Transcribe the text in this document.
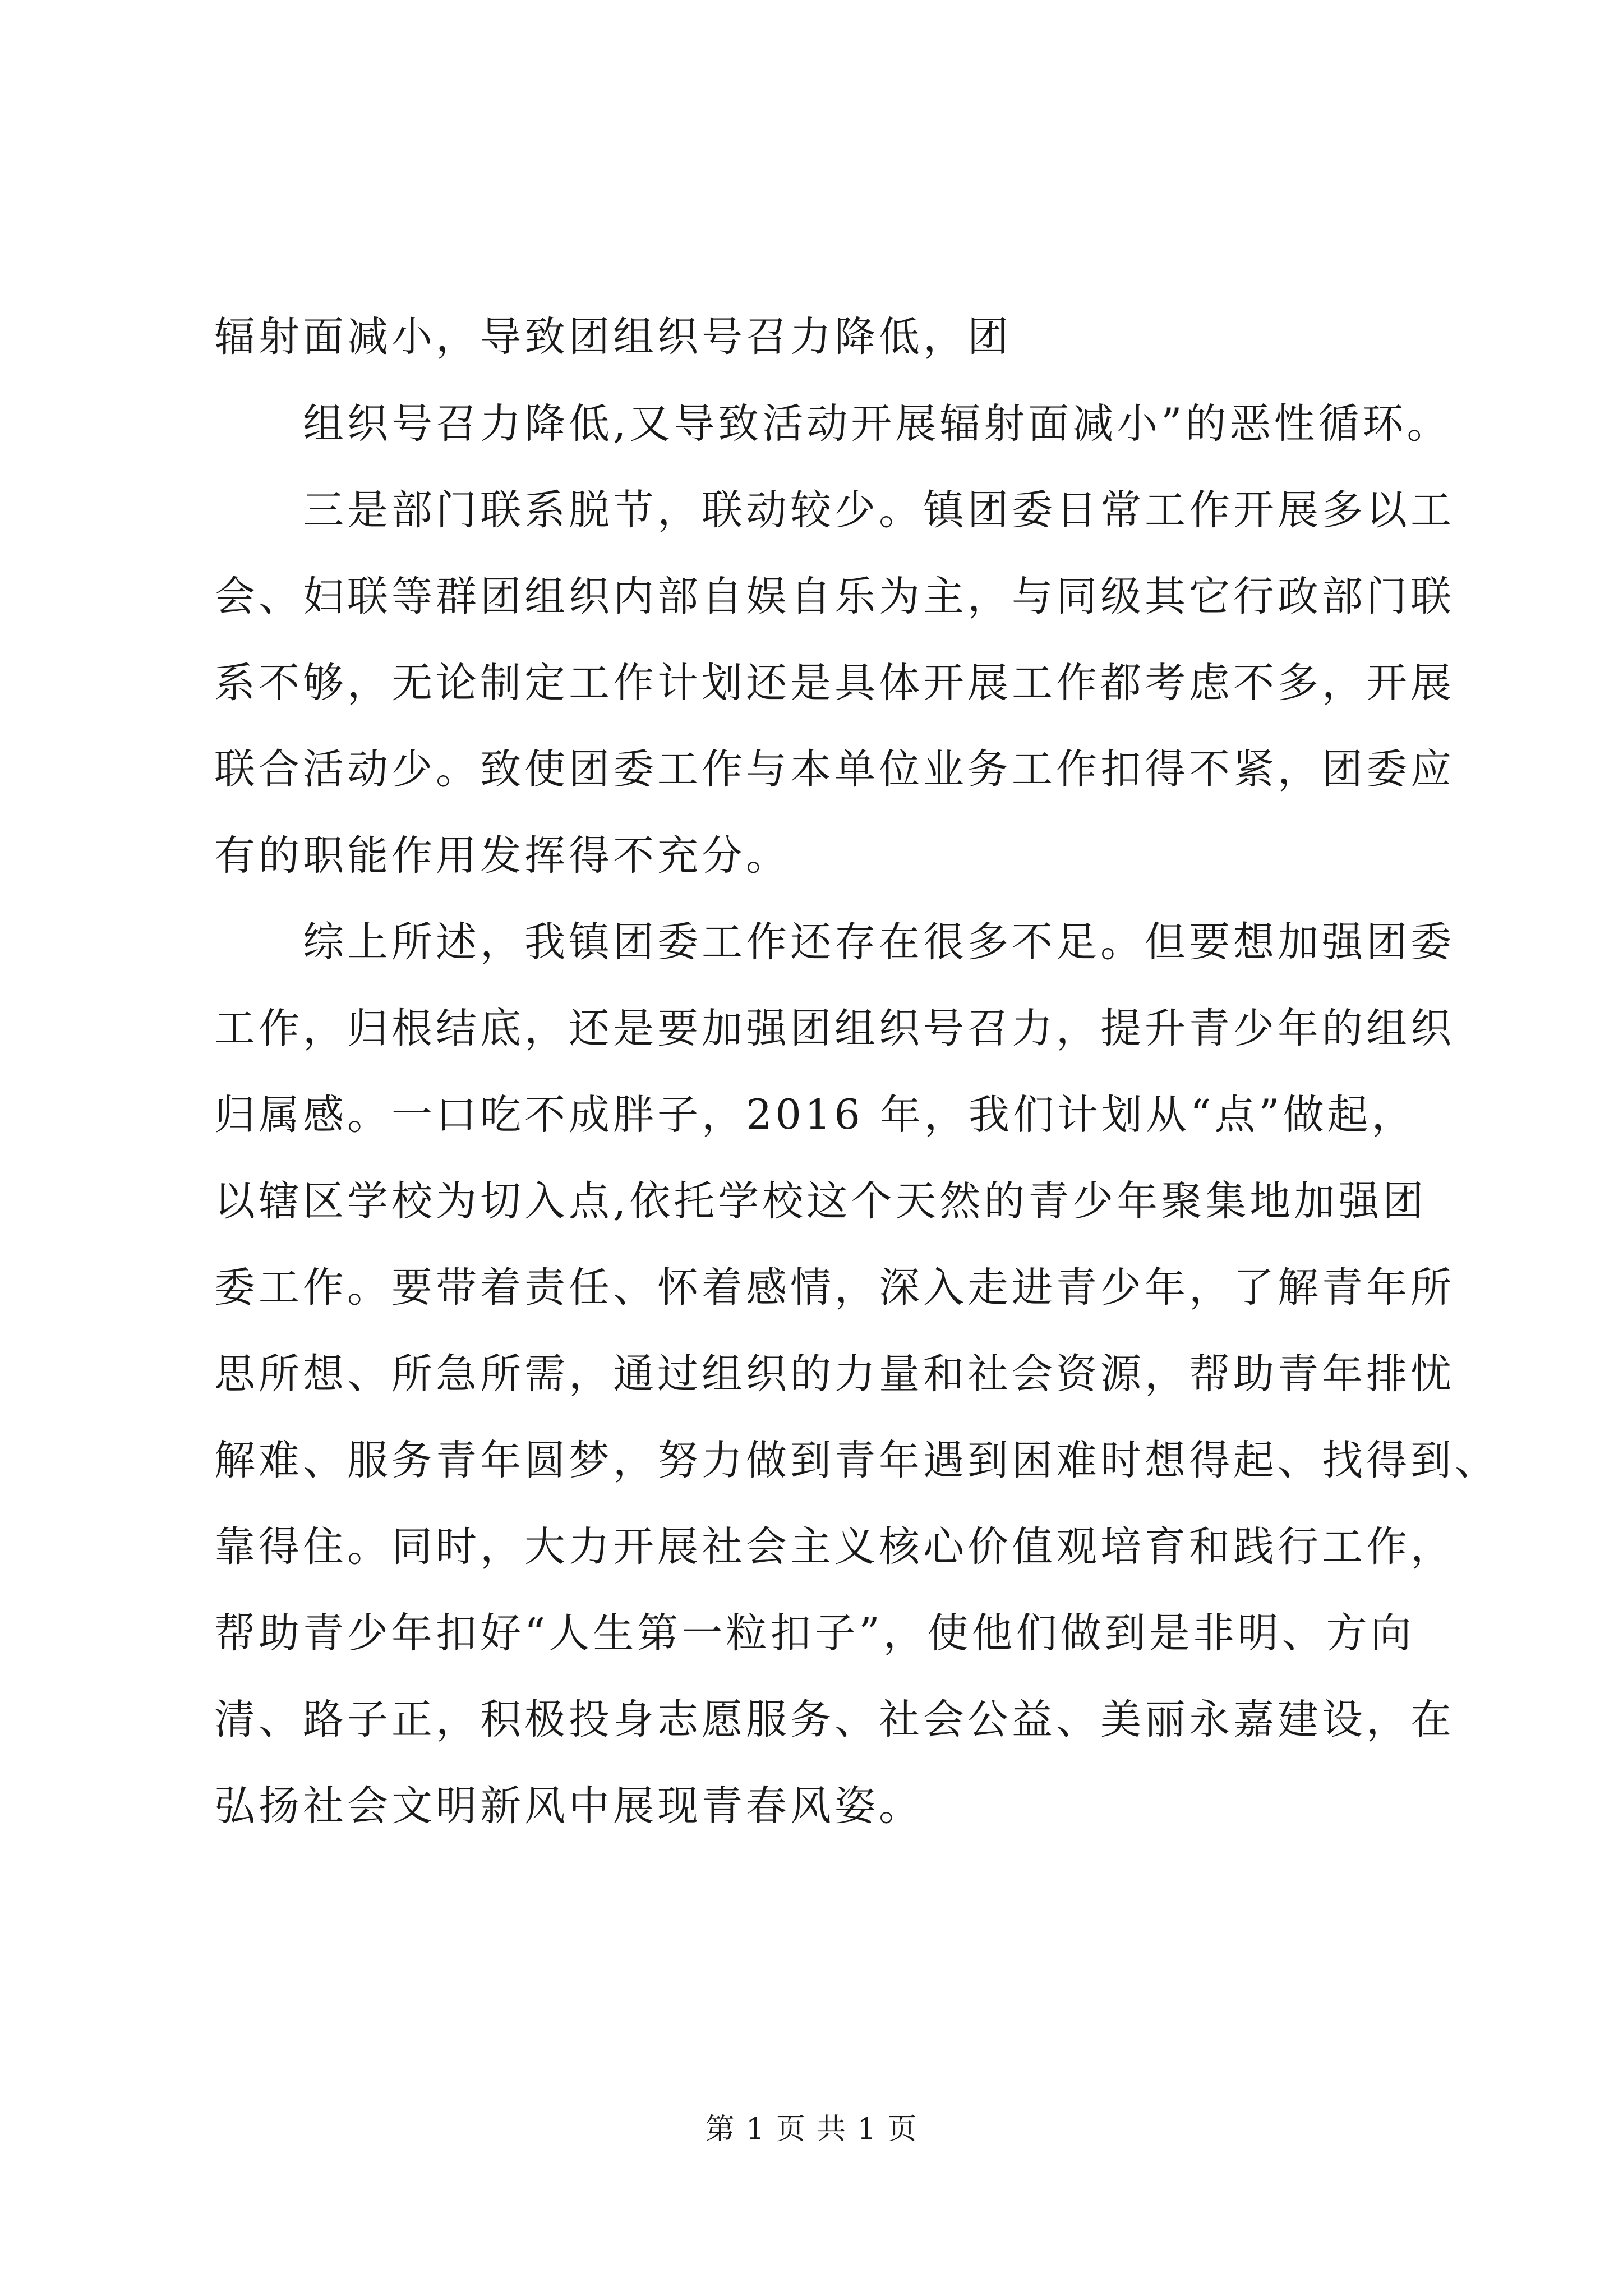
辐射面减小，导致团组织号召力降低，团
组织号召力降低,又导致活动开展辐射面减小”的恶性循环。
三是部门联系脱节，联动较少。镇团委日常工作开展多以工
会、妇联等群团组织内部自娱自乐为主，与同级其它行政部门联
系不够，无论制定工作计划还是具体开展工作都考虑不多，开展
联合活动少。致使团委工作与本单位业务工作扣得不紧，团委应
有的职能作用发挥得不充分。
综上所述，我镇团委工作还存在很多不足。但要想加强团委
工作，归根结底，还是要加强团组织号召力，提升青少年的组织
归属感。一口吃不成胖子，2016 年，我们计划从“点”做起，
以辖区学校为切入点,依托学校这个天然的青少年聚集地加强团
委工作。要带着责任、怀着感情，深入走进青少年，了解青年所
思所想、所急所需，通过组织的力量和社会资源，帮助青年排忧
解难、服务青年圆梦，努力做到青年遇到困难时想得起、找得到、
靠得住。同时，大力开展社会主义核心价值观培育和践行工作，
帮助青少年扣好“人生第一粒扣子”，使他们做到是非明、方向
清、路子正，积极投身志愿服务、社会公益、美丽永嘉建设，在
弘扬社会文明新风中展现青春风姿。
第 1 页 共 1 页
